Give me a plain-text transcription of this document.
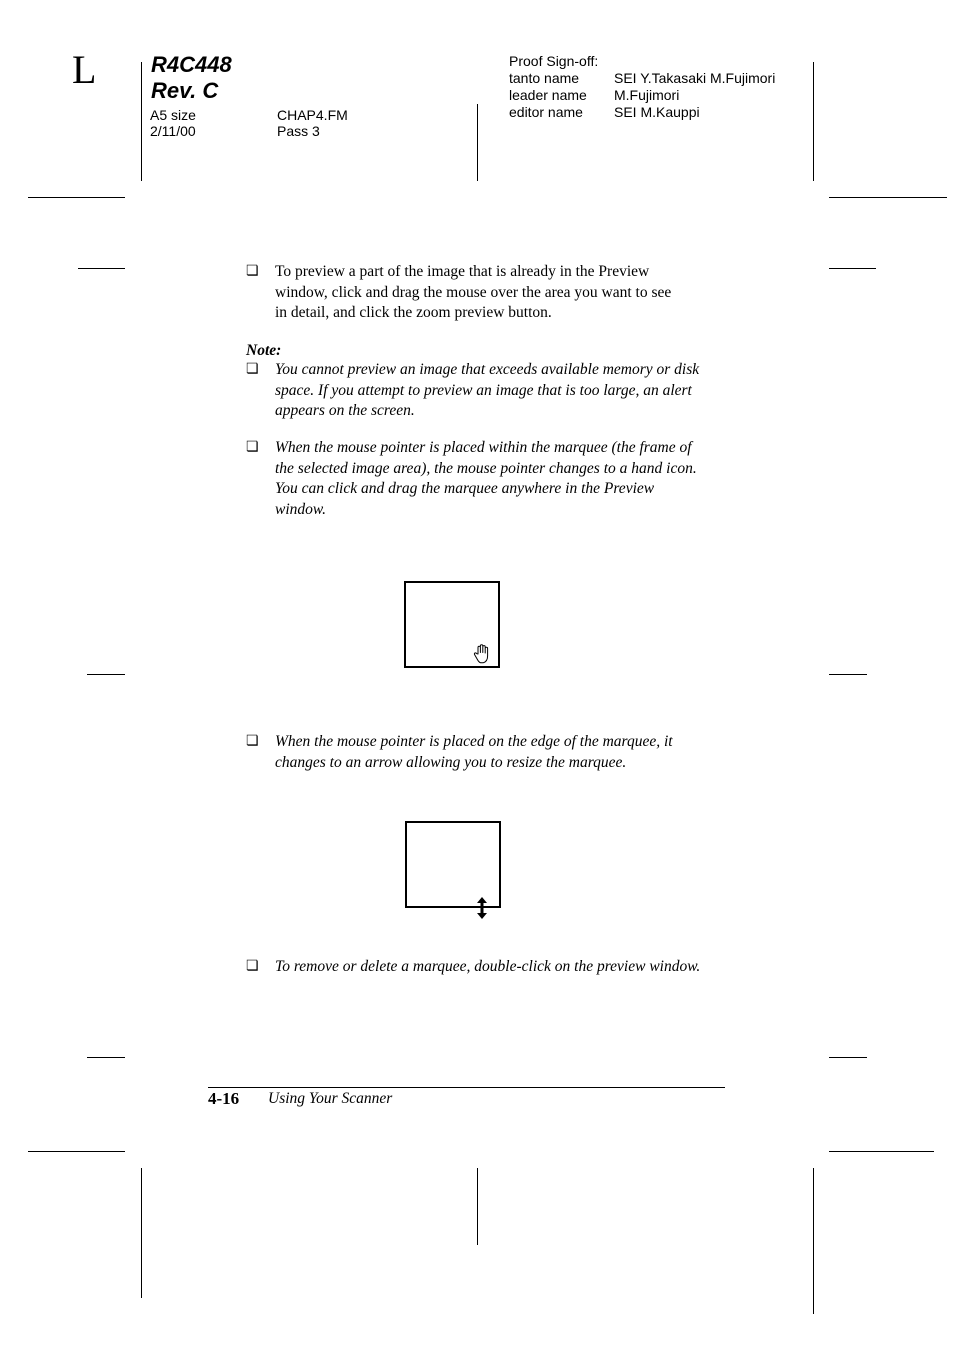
L R4C448
Rev. C
A5 size
2/11/00
CHAP4.FM
Pass 3
Proof Sign-off:
tanto name SEI Y.Takasaki M.Fujimori
leader name M.Fujimori
editor name SEI M.Kauppi
❏ To preview a part of the image that is already in the Preview
window, click and drag the mouse over the area you want to see
in detail, and click the zoom preview button.
Note:
❏ You cannot preview an image that exceeds available memory or disk
space. If you attempt to preview an image that is too large, an alert
appears on the screen.
❏ When the mouse pointer is placed within the marquee (the frame of
the selected image area), the mouse pointer changes to a hand icon.
You can click and drag the marquee anywhere in the Preview
window.
❏ When the mouse pointer is placed on the edge of the marquee, it
changes to an arrow allowing you to resize the marquee.
❏ To remove or delete a marquee, double-click on the preview window.
4-16 Using Your Scanner
